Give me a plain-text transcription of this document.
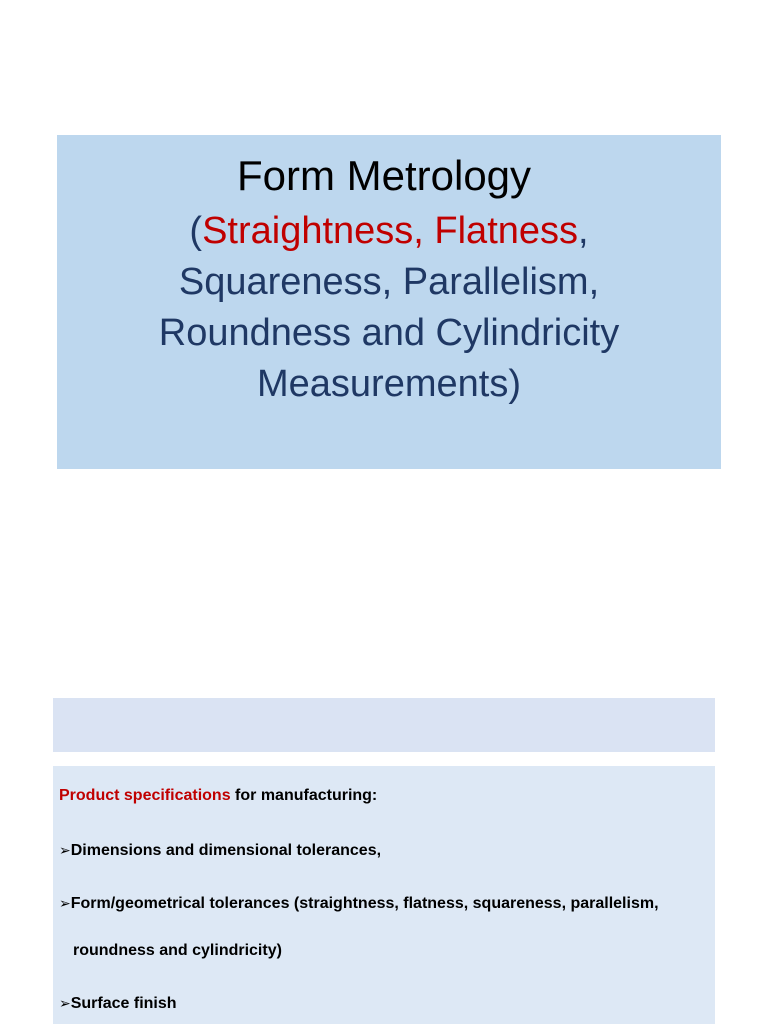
Form Metrology
(Straightness, Flatness,
Squareness, Parallelism,
Roundness and Cylindricity
Measurements)
Product specifications for manufacturing:
➢Dimensions and dimensional tolerances,
➢Form/geometrical tolerances (straightness, flatness, squareness, parallelism,
roundness and cylindricity)
➢Surface finish
